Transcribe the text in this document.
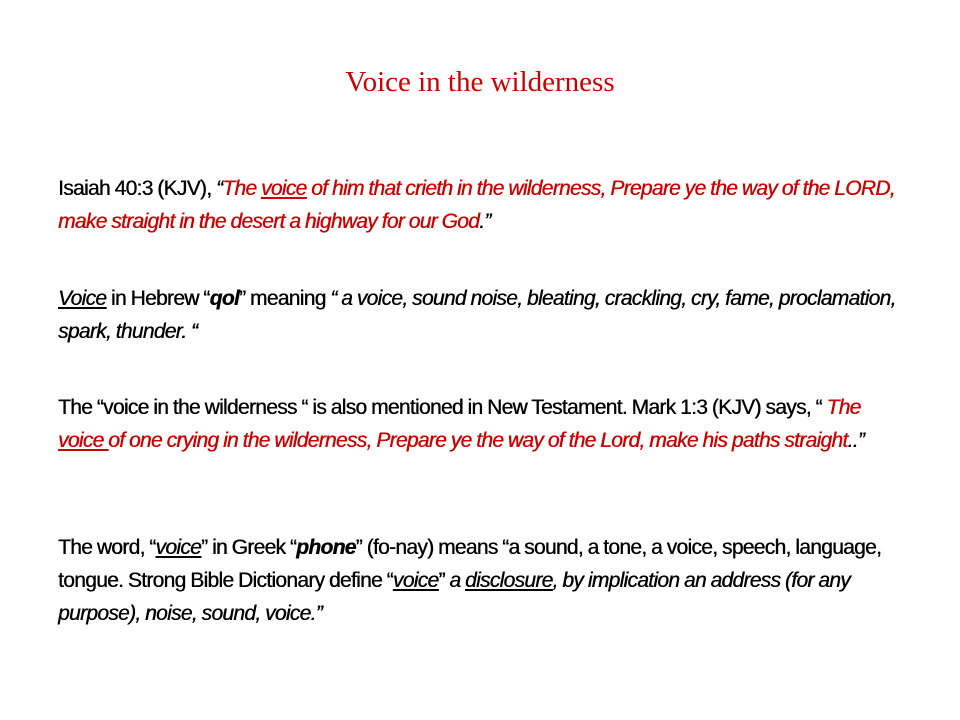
Voice in the wilderness
Isaiah 40:3 (KJV), “The voice of him that crieth in the wilderness, Prepare ye the way of the LORD, make straight in the desert a highway for our God.”
Voice in Hebrew “qol” meaning “ a voice, sound noise, bleating, crackling, cry, fame, proclamation, spark, thunder. “
The “voice in the wilderness “ is also mentioned in New Testament. Mark 1:3 (KJV) says, “ The voice of one crying in the wilderness, Prepare ye the way of the Lord, make his paths straight..”
The word, “voice” in Greek “phone” (fo-nay) means “a sound, a tone, a voice, speech, language, tongue. Strong Bible Dictionary define “voice” a disclosure, by implication an address (for any purpose), noise, sound, voice.”
